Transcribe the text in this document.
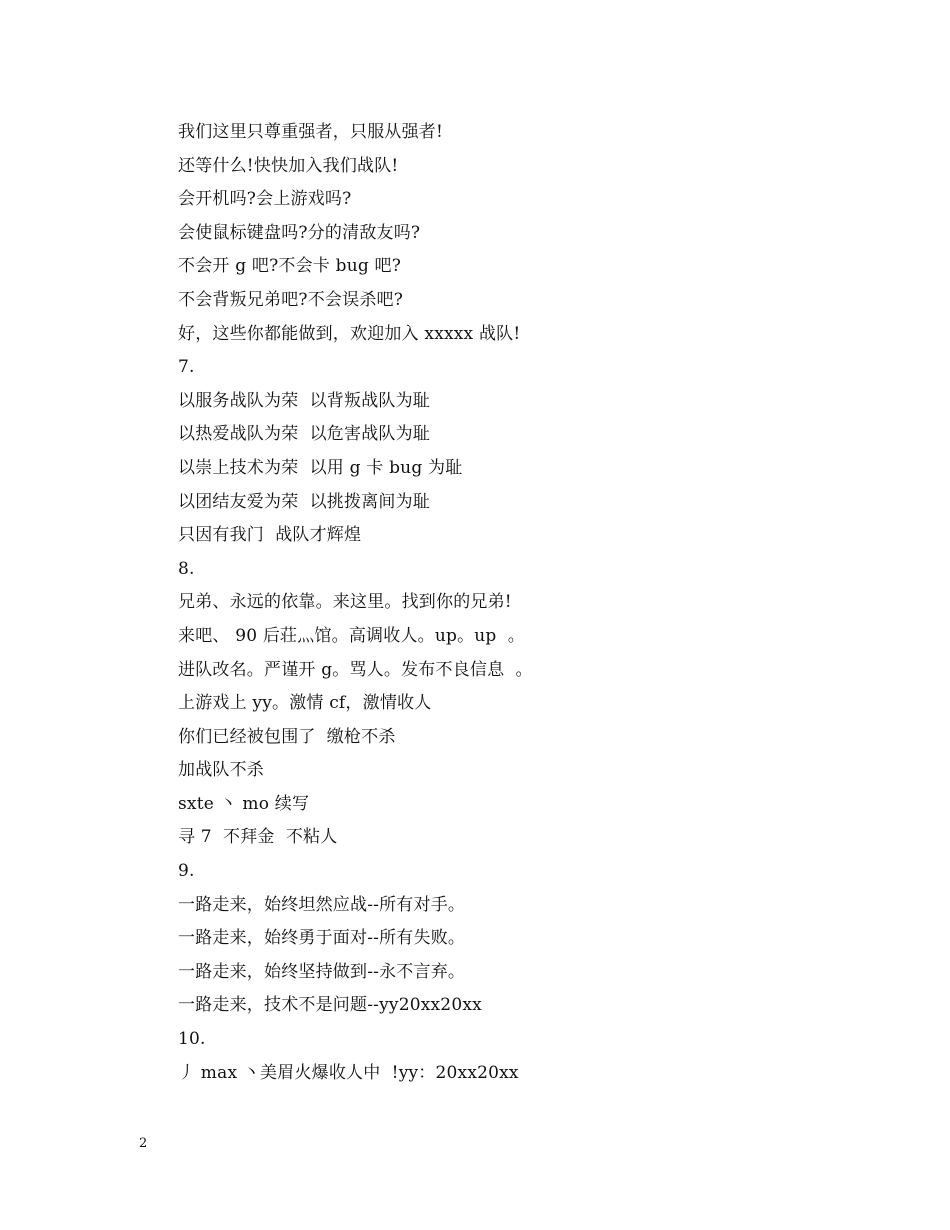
我们这里只尊重强者，只服从强者!
还等什么!快快加入我们战队!
会开机吗?会上游戏吗?
会使鼠标键盘吗?分的清敌友吗?
不会开 g 吧?不会卡 bug 吧?
不会背叛兄弟吧?不会误杀吧?
好，这些你都能做到，欢迎加入 xxxxx 战队!
7.
以服务战队为荣  以背叛战队为耻
以热爱战队为荣  以危害战队为耻
以崇上技术为荣  以用 g 卡 bug 为耻
以团结友爱为荣  以挑拨离间为耻
只因有我门  战队才辉煌
8.
兄弟、永远的依靠。来这里。找到你的兄弟!
来吧、 90 后荘灬馆。高调收人。up。up  。
进队改名。严谨开 g。骂人。发布不良信息  。
上游戏上 yy。激情 cf，激情收人
你们已经被包围了  缴枪不杀
加战队不杀
sxte 丶 mo 续写
寻 7  不拜金  不粘人
9.
一路走来，始终坦然应战--所有对手。
一路走来，始终勇于面对--所有失败。
一路走来，始终坚持做到--永不言弃。
一路走来，技术不是问题--yy20xx20xx
10.
丿 max 丶美眉火爆收人中  !yy：20xx20xx
2
